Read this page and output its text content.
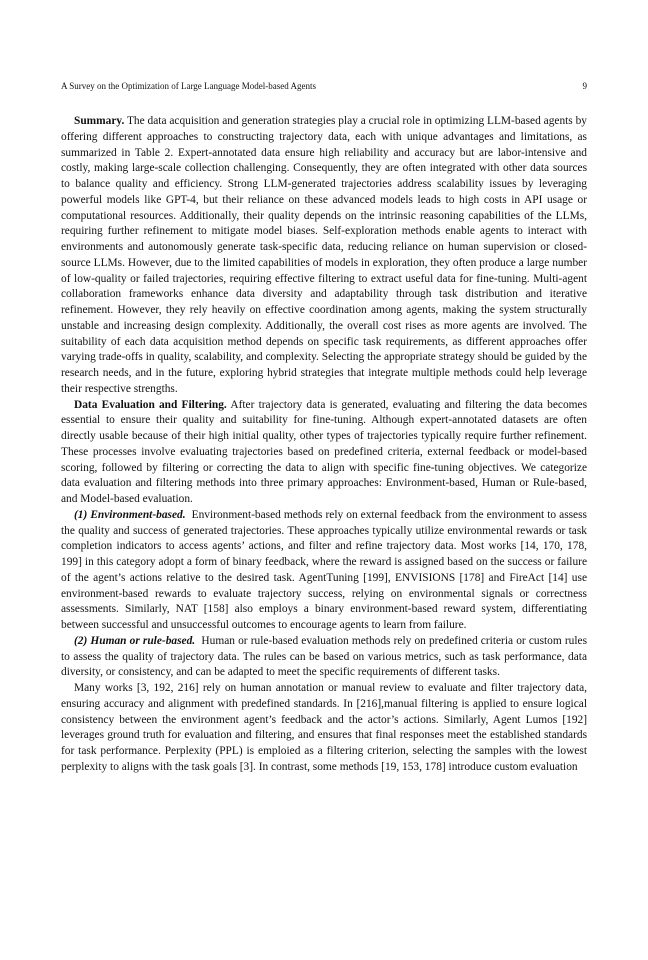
A Survey on the Optimization of Large Language Model-based Agents	9

Summary. The data acquisition and generation strategies play a crucial role in optimizing LLM-based agents by offering different approaches to constructing trajectory data, each with unique advantages and limitations, as summarized in Table 2. Expert-annotated data ensure high reliability and accuracy but are labor-intensive and costly, making large-scale collection challenging. Consequently, they are often integrated with other data sources to balance quality and efficiency. Strong LLM-generated trajectories address scalability issues by leveraging powerful models like GPT-4, but their reliance on these advanced models leads to high costs in API usage or computational resources. Additionally, their quality depends on the intrinsic reasoning capabilities of the LLMs, requiring further refinement to mitigate model biases. Self-exploration methods enable agents to interact with environments and autonomously generate task-specific data, reducing reliance on human supervision or closed-source LLMs. However, due to the limited capabilities of models in exploration, they often produce a large number of low-quality or failed trajectories, requiring effective filtering to extract useful data for fine-tuning. Multi-agent collaboration frameworks enhance data diversity and adaptability through task distribution and iterative refinement. However, they rely heavily on effective coordination among agents, making the system structurally unstable and increasing design complexity. Additionally, the overall cost rises as more agents are involved. The suitability of each data acquisition method depends on specific task requirements, as different approaches offer varying trade-offs in quality, scalability, and complexity. Selecting the appropriate strategy should be guided by the research needs, and in the future, exploring hybrid strategies that integrate multiple methods could help leverage their respective strengths.

Data Evaluation and Filtering. After trajectory data is generated, evaluating and filtering the data becomes essential to ensure their quality and suitability for fine-tuning. Although expert-annotated datasets are often directly usable because of their high initial quality, other types of trajectories typically require further refinement. These processes involve evaluating trajectories based on predefined criteria, external feedback or model-based scoring, followed by filtering or correcting the data to align with specific fine-tuning objectives. We categorize data evaluation and filtering methods into three primary approaches: Environment-based, Human or Rule-based, and Model-based evaluation.

(1) Environment-based. Environment-based methods rely on external feedback from the environment to assess the quality and success of generated trajectories. These approaches typically utilize environmental rewards or task completion indicators to access agents’ actions, and filter and refine trajectory data. Most works [14, 170, 178, 199] in this category adopt a form of binary feedback, where the reward is assigned based on the success or failure of the agent’s actions relative to the desired task. AgentTuning [199], ENVISIONS [178] and FireAct [14] use environment-based rewards to evaluate trajectory success, relying on environmental signals or correctness assessments. Similarly, NAT [158] also employs a binary environment-based reward system, differentiating between successful and unsuccessful outcomes to encourage agents to learn from failure.

(2) Human or rule-based. Human or rule-based evaluation methods rely on predefined criteria or custom rules to assess the quality of trajectory data. The rules can be based on various metrics, such as task performance, data diversity, or consistency, and can be adapted to meet the specific requirements of different tasks.

Many works [3, 192, 216] rely on human annotation or manual review to evaluate and filter trajectory data, ensuring accuracy and alignment with predefined standards. In [216],manual filtering is applied to ensure logical consistency between the environment agent’s feedback and the actor’s actions. Similarly, Agent Lumos [192] leverages ground truth for evaluation and filtering, and ensures that final responses meet the established standards for task performance. Perplexity (PPL) is emploied as a filtering criterion, selecting the samples with the lowest perplexity to aligns with the task goals [3]. In contrast, some methods [19, 153, 178] introduce custom evaluation
